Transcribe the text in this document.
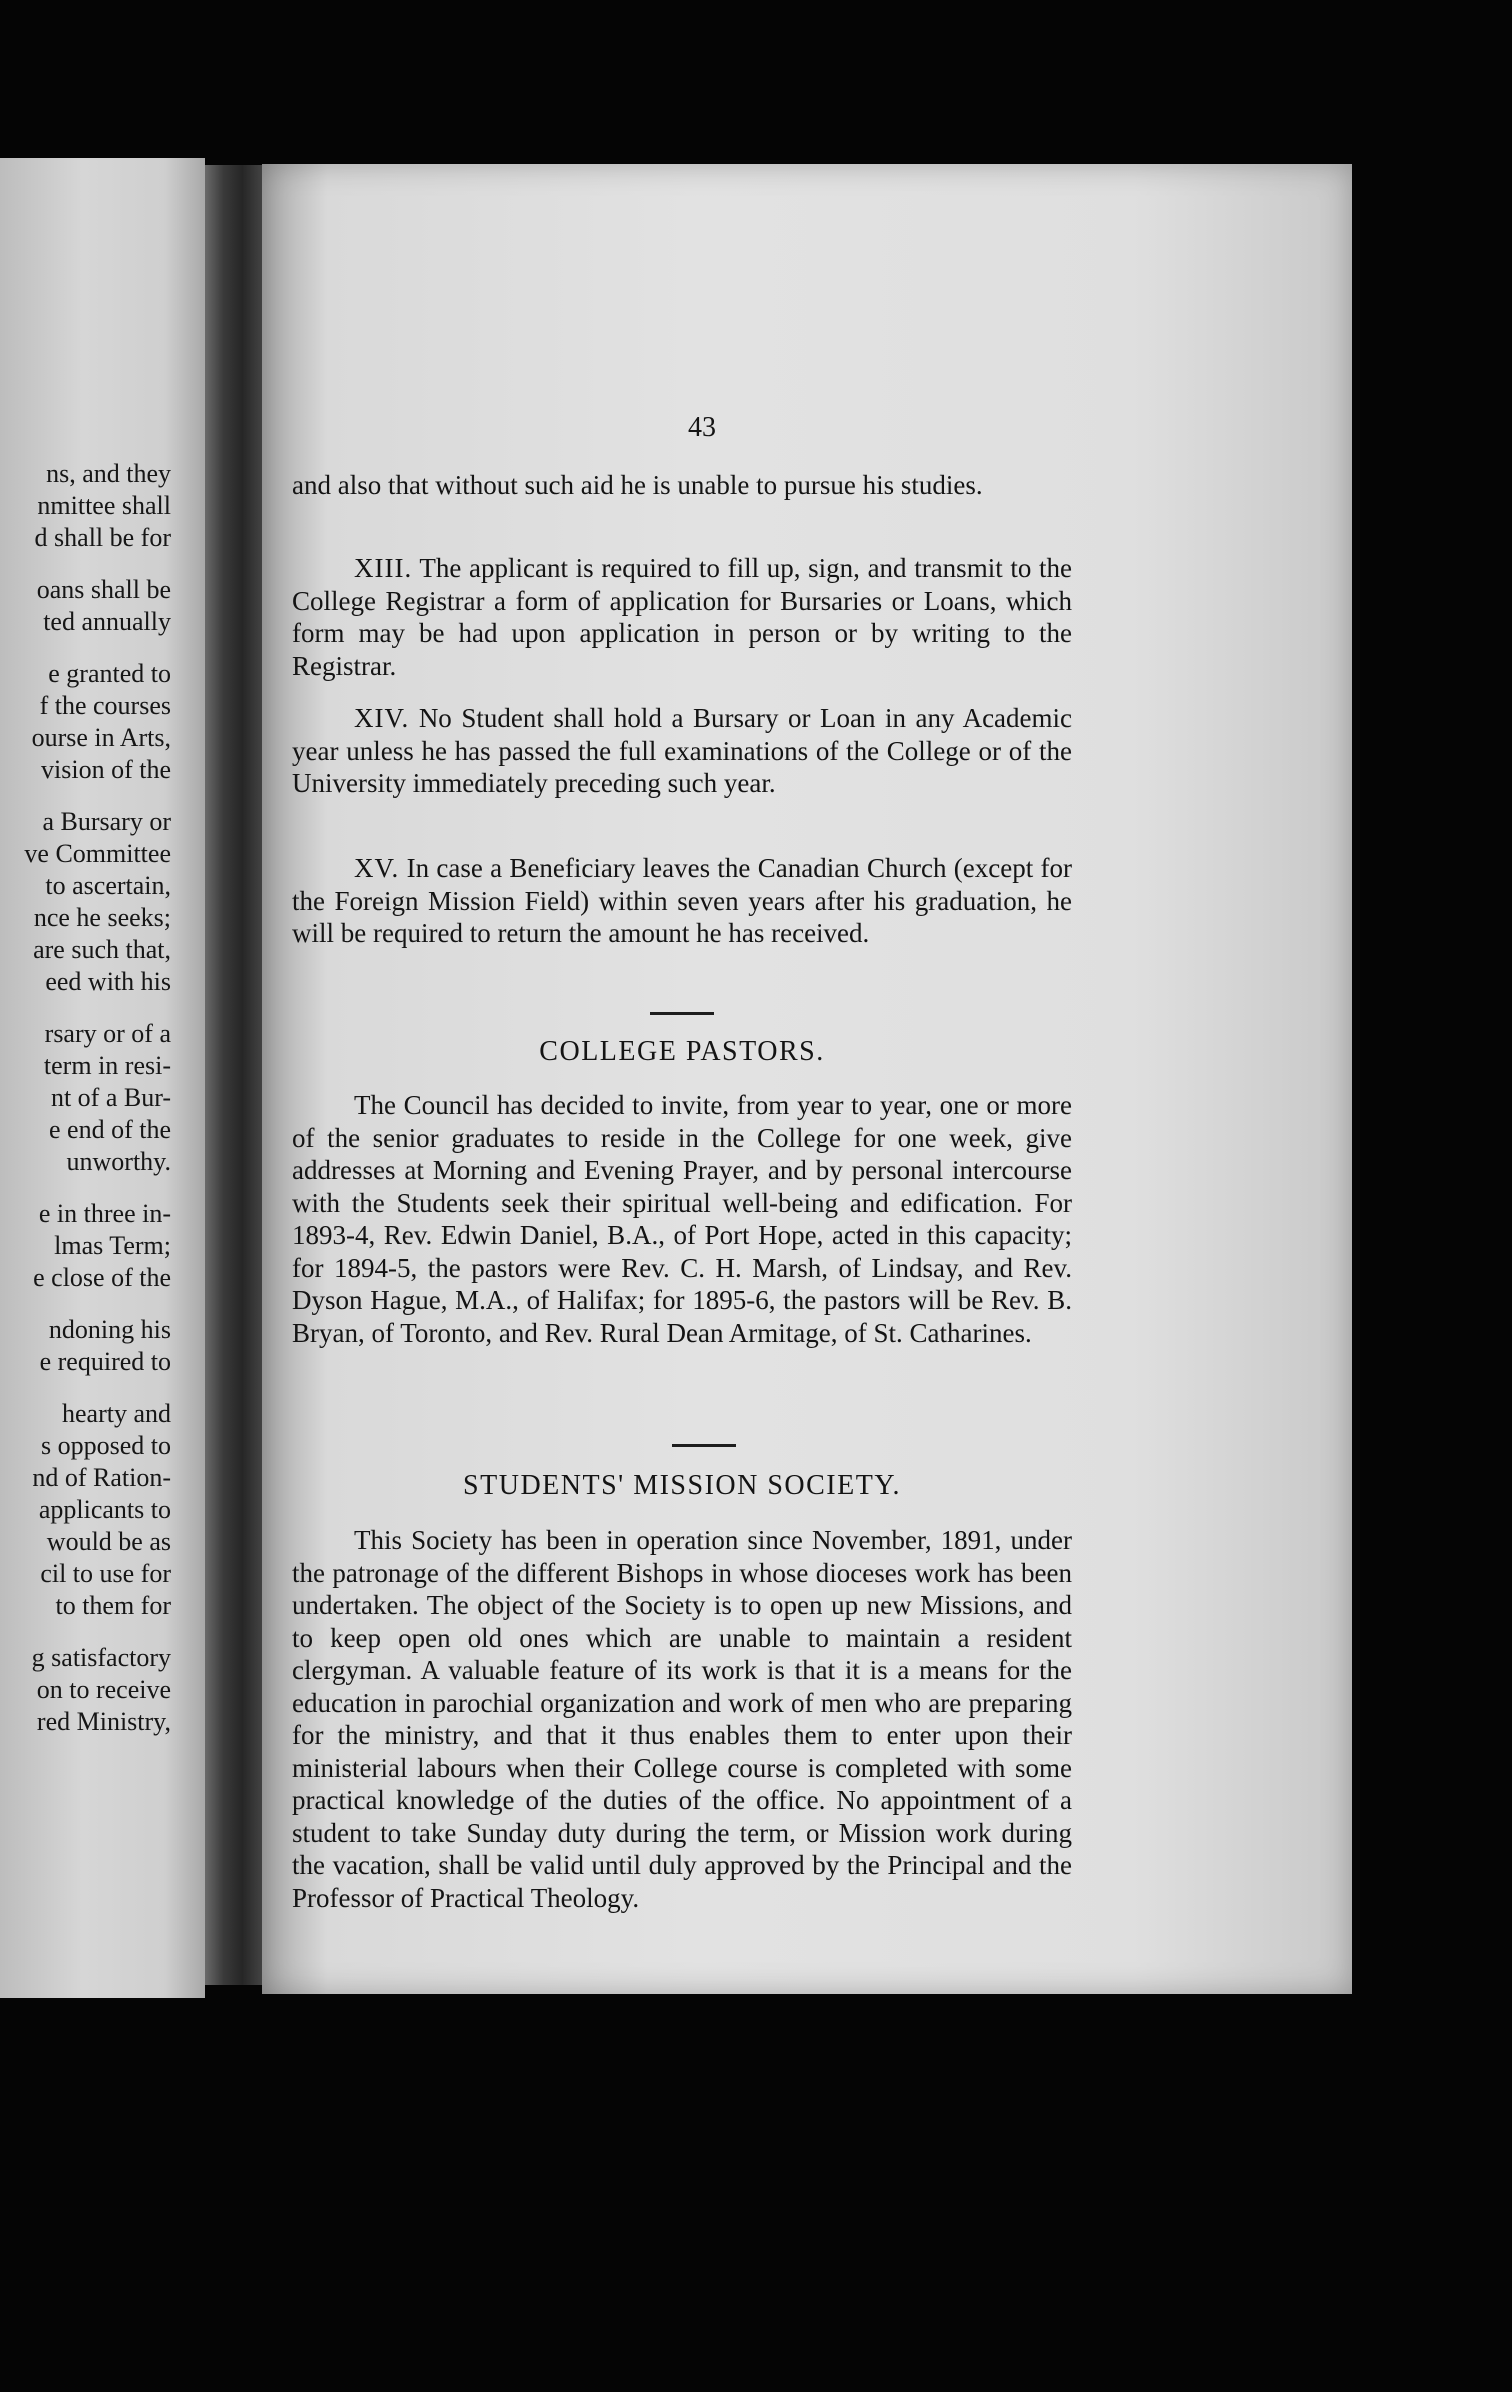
ns, and they
nmittee shall
d shall be for
oans shall be
ted annually
e granted to
f the courses
ourse in Arts,
vision of the
a Bursary or
ve Committee
to ascertain,
nce he seeks;
are such that,
eed with his
rsary or of a
term in resi-
nt of a Bur-
e end of the
unworthy.
e in three in-
lmas Term;
e close of the
ndoning his
e required to
hearty and
s opposed to
nd of Ration-
applicants to
would be as
cil to use for
to them for
g satisfactory
on to receive
red Ministry,
43

and also that without such aid he is unable to pursue his studies.

XIII. The applicant is required to fill up, sign, and transmit to the College Registrar a form of application for Bursaries or Loans, which form may be had upon application in person or by writing to the Registrar.

XIV. No Student shall hold a Bursary or Loan in any Academic year unless he has passed the full examinations of the College or of the University immediately preceding such year.

XV. In case a Beneficiary leaves the Canadian Church (except for the Foreign Mission Field) within seven years after his graduation, he will be required to return the amount he has received.

COLLEGE PASTORS.

The Council has decided to invite, from year to year, one or more of the senior graduates to reside in the College for one week, give addresses at Morning and Evening Prayer, and by personal intercourse with the Students seek their spiritual well-being and edification. For 1893-4, Rev. Edwin Daniel, B.A., of Port Hope, acted in this capacity; for 1894-5, the pastors were Rev. C. H. Marsh, of Lindsay, and Rev. Dyson Hague, M.A., of Halifax; for 1895-6, the pastors will be Rev. B. Bryan, of Toronto, and Rev. Rural Dean Armitage, of St. Catharines.

STUDENTS' MISSION SOCIETY.

This Society has been in operation since November, 1891, under the patronage of the different Bishops in whose dioceses work has been undertaken. The object of the Society is to open up new Missions, and to keep open old ones which are unable to maintain a resident clergyman. A valuable feature of its work is that it is a means for the education in parochial organization and work of men who are preparing for the ministry, and that it thus enables them to enter upon their ministerial labours when their College course is completed with some practical knowledge of the duties of the office. No appointment of a student to take Sunday duty during the term, or Mission work during the vacation, shall be valid until duly approved by the Principal and the Professor of Practical Theology.
